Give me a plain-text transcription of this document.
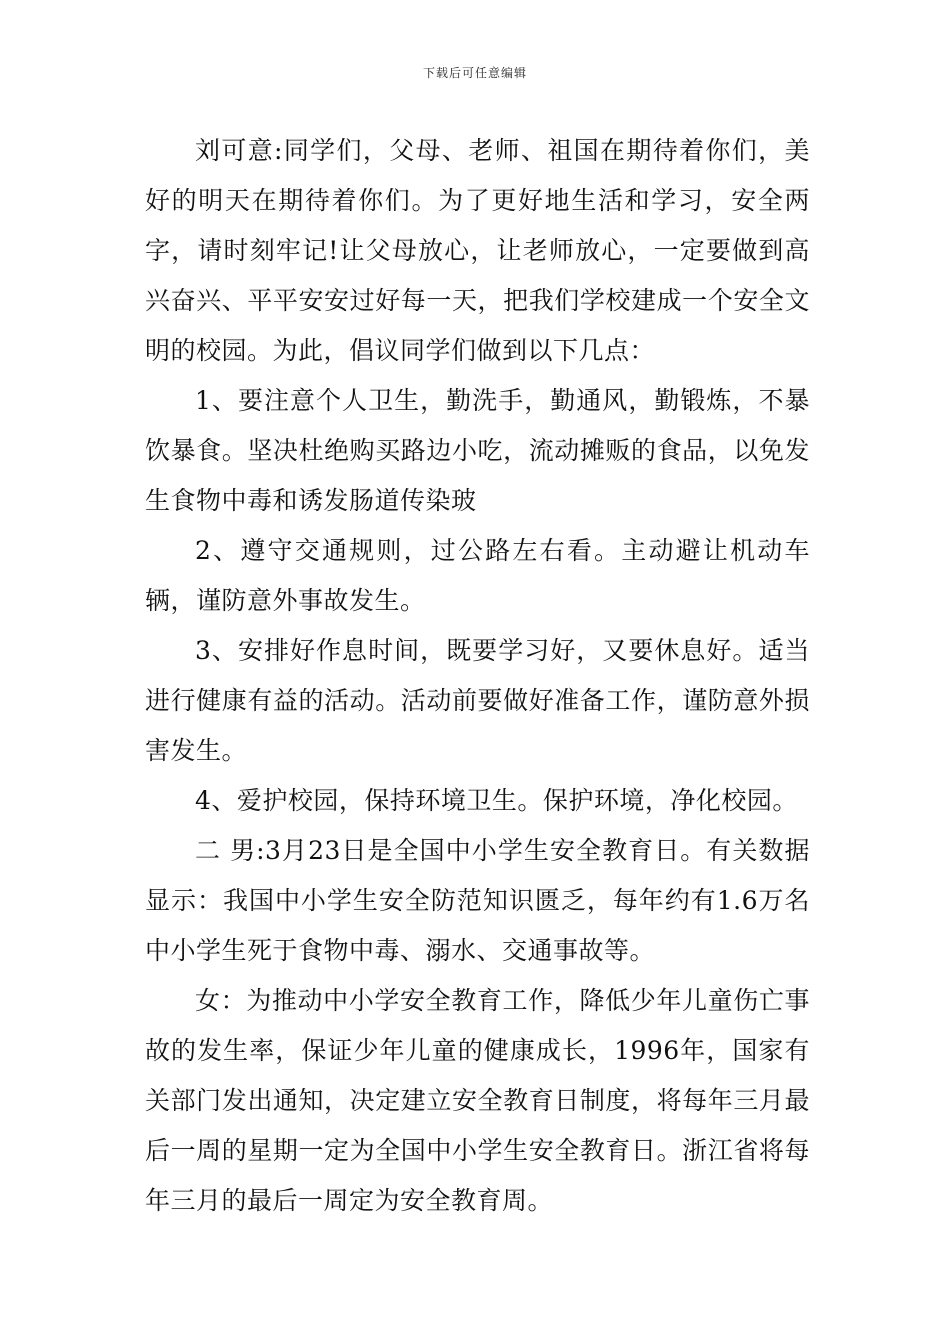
下载后可任意编辑

刘可意:同学们，父母、老师、祖国在期待着你们，美好的明天在期待着你们。为了更好地生活和学习，安全两字，请时刻牢记!让父母放心，让老师放心，一定要做到高兴奋兴、平平安安过好每一天，把我们学校建成一个安全文明的校园。为此，倡议同学们做到以下几点：

1、要注意个人卫生，勤洗手，勤通风，勤锻炼，不暴饮暴食。坚决杜绝购买路边小吃，流动摊贩的食品，以免发生食物中毒和诱发肠道传染玻

2、遵守交通规则，过公路左右看。主动避让机动车辆，谨防意外事故发生。

3、安排好作息时间，既要学习好，又要休息好。适当进行健康有益的活动。活动前要做好准备工作，谨防意外损害发生。

4、爱护校园，保持环境卫生。保护环境，净化校园。

二 男:3月23日是全国中小学生安全教育日。有关数据显示：我国中小学生安全防范知识匮乏，每年约有1.6万名中小学生死于食物中毒、溺水、交通事故等。

女：为推动中小学安全教育工作，降低少年儿童伤亡事故的发生率，保证少年儿童的健康成长，1996年，国家有关部门发出通知，决定建立安全教育日制度，将每年三月最后一周的星期一定为全国中小学生安全教育日。浙江省将每年三月的最后一周定为安全教育周。
